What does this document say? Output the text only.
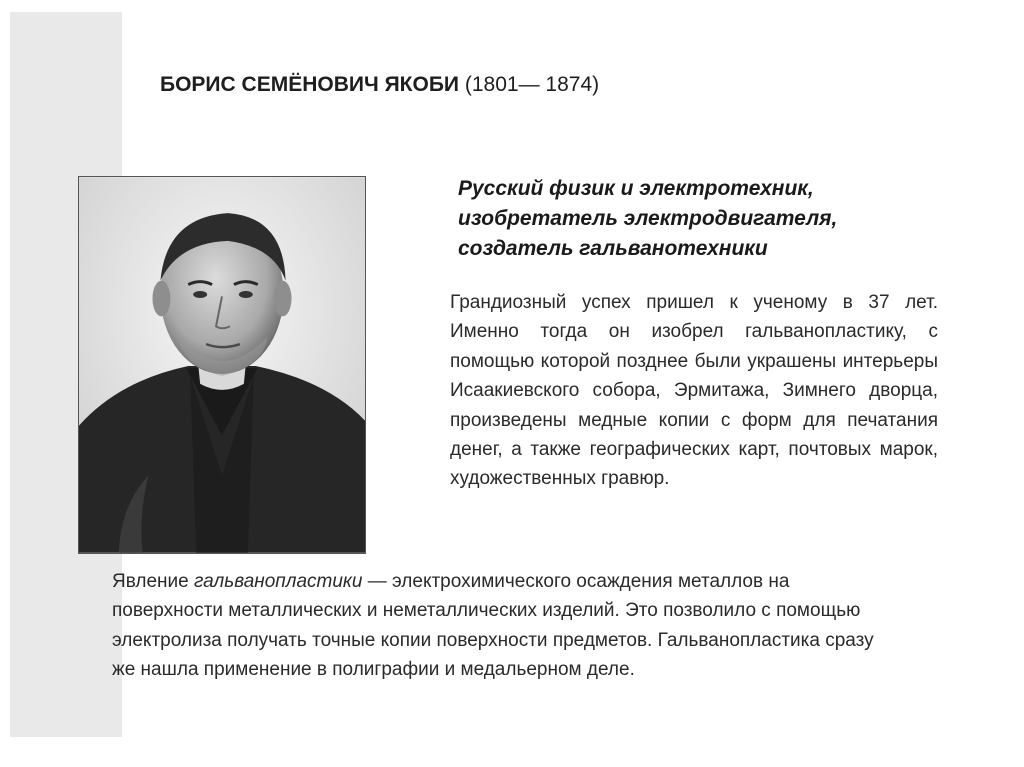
БОРИС СЕМЁНОВИЧ ЯКОБИ (1801— 1874)
Русский физик и электротехник, изобретатель электродвигателя, создатель гальванотехники
Грандиозный успех пришел к ученому в 37 лет. Именно тогда он изобрел гальванопластику, с помощью которой позднее были украшены интерьеры Исаакиевского собора, Эрмитажа, Зимнего дворца, произведены медные копии с форм для печатания денег, а также географических карт, почтовых марок, художественных гравюр.
Явление гальванопластики — электрохимического осаждения металлов на поверхности металлических и неметаллических изделий. Это позволило с помощью электролиза получать точные копии поверхности предметов. Гальванопластика сразу же нашла применение в полиграфии и медальерном деле.
